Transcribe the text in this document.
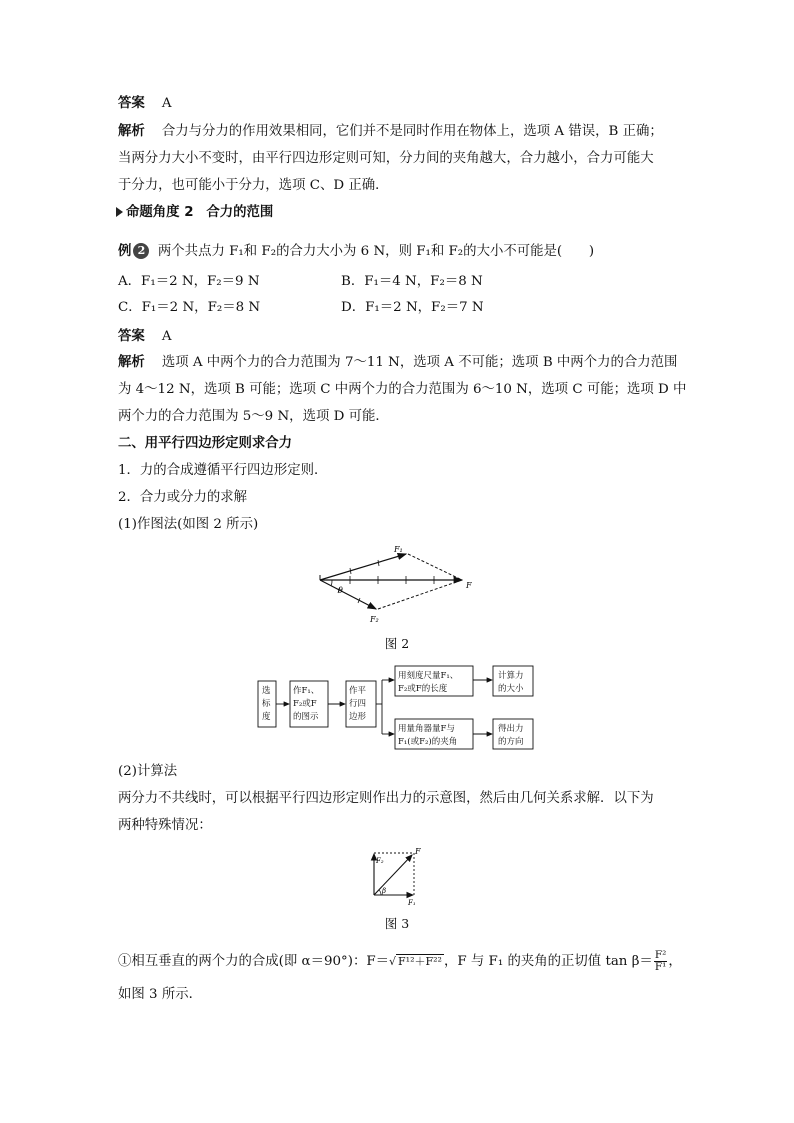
答案 A
解析 合力与分力的作用效果相同，它们并不是同时作用在物体上，选项 A 错误，B 正确；
当两分力大小不变时，由平行四边形定则可知，分力间的夹角越大，合力越小，合力可能大
于分力，也可能小于分力，选项 C、D 正确．
命题角度 2 合力的范围
例 2 两个共点力 F₁和 F₂的合力大小为 6 N，则 F₁和 F₂的大小不可能是(　　)
A．F₁＝2 N，F₂＝9 N	B．F₁＝4 N，F₂＝8 N
C．F₁＝2 N，F₂＝8 N	D．F₁＝2 N，F₂＝7 N
答案 A
解析 选项 A 中两个力的合力范围为 7～11 N，选项 A 不可能；选项 B 中两个力的合力范围
为 4～12 N，选项 B 可能；选项 C 中两个力的合力范围为 6～10 N，选项 C 可能；选项 D 中
两个力的合力范围为 5～9 N，选项 D 可能．
二、用平行四边形定则求合力
1．力的合成遵循平行四边形定则．
2．合力或分力的求解
(1)作图法(如图 2 所示)
θ
F₁
F
F₂
图 2
选
标
度
作F₁、
F₂或F
的图示
作平
行四
边形
用刻度尺量F₁、
F₂或F的长度
用量角器量F与
F₁(或F₂)的夹角
计算力
的大小
得出力
的方向
(2)计算法
两分力不共线时，可以根据平行四边形定则作出力的示意图，然后由几何关系求解．以下为
两种特殊情况：
F
F₂
β
F₁
图 3
①相互垂直的两个力的合成(即 α＝90°)：F＝√ F¹²＋F²² ，F 与 F₁ 的夹角的正切值 $\tan \beta= \frac{\text{F²}}{\text{F¹}}$ ，
如图 3 所示．
